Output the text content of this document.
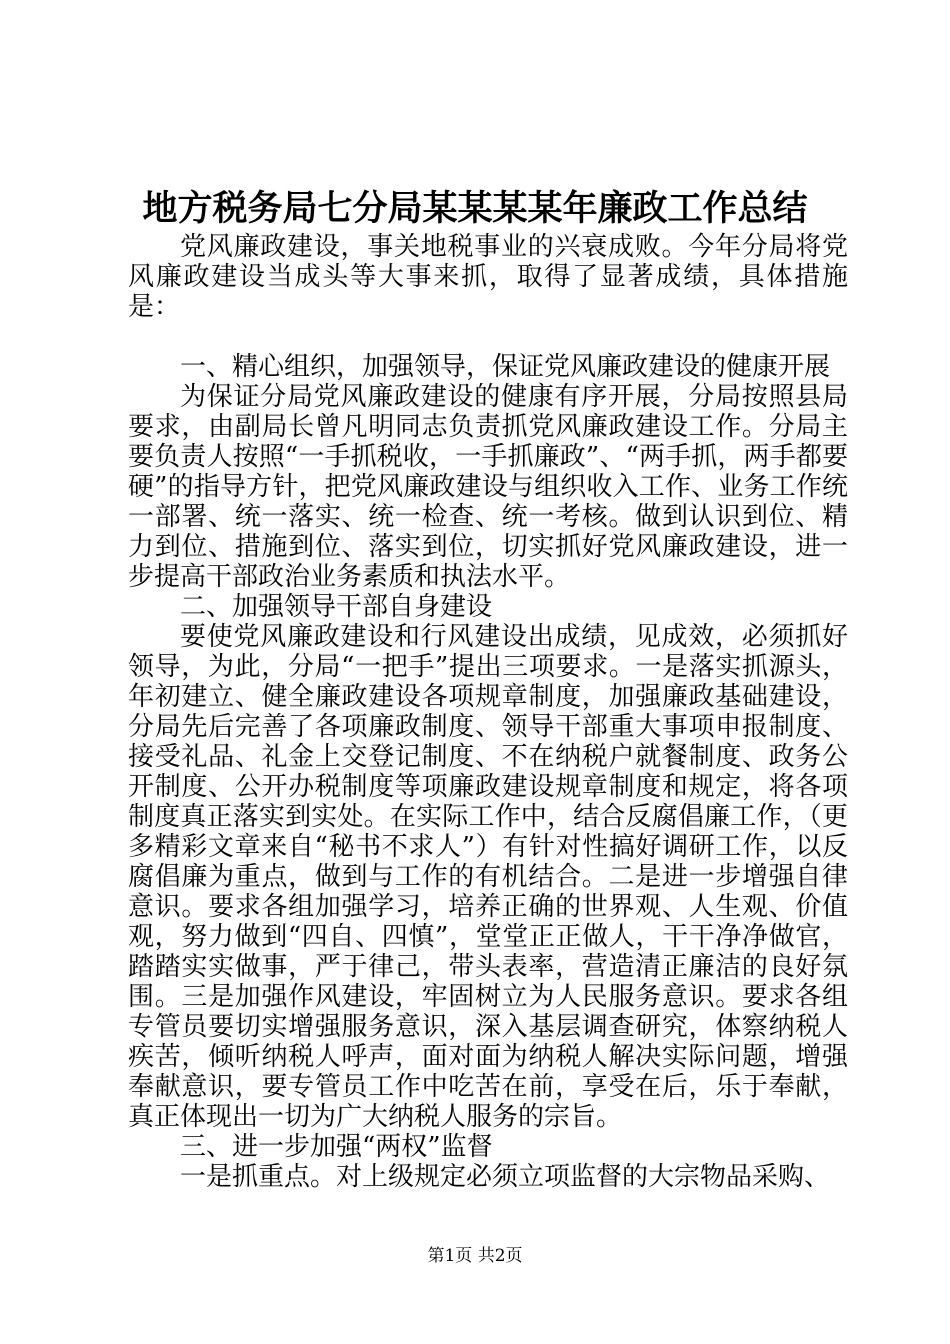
地方税务局七分局某某某某年廉政工作总结

党风廉政建设，事关地税事业的兴衰成败。今年分局将党风廉政建设当成头等大事来抓，取得了显著成绩，具体措施是：

一、精心组织，加强领导，保证党风廉政建设的健康开展

为保证分局党风廉政建设的健康有序开展，分局按照县局要求，由副局长曾凡明同志负责抓党风廉政建设工作。分局主要负责人按照“一手抓税收，一手抓廉政”、“两手抓，两手都要硬”的指导方针，把党风廉政建设与组织收入工作、业务工作统一部署、统一落实、统一检查、统一考核。做到认识到位、精力到位、措施到位、落实到位，切实抓好党风廉政建设，进一步提高干部政治业务素质和执法水平。

二、加强领导干部自身建设

要使党风廉政建设和行风建设出成绩，见成效，必须抓好领导，为此，分局“一把手”提出三项要求。一是落实抓源头，年初建立、健全廉政建设各项规章制度，加强廉政基础建设，分局先后完善了各项廉政制度、领导干部重大事项申报制度、接受礼品、礼金上交登记制度、不在纳税户就餐制度、政务公开制度、公开办税制度等项廉政建设规章制度和规定，将各项制度真正落实到实处。在实际工作中，结合反腐倡廉工作，（更多精彩文章来自“秘书不求人”）有针对性搞好调研工作，以反腐倡廉为重点，做到与工作的有机结合。二是进一步增强自律意识。要求各组加强学习，培养正确的世界观、人生观、价值观，努力做到“四自、四慎”，堂堂正正做人，干干净净做官，踏踏实实做事，严于律己，带头表率，营造清正廉洁的良好氛围。三是加强作风建设，牢固树立为人民服务意识。要求各组专管员要切实增强服务意识，深入基层调查研究，体察纳税人疾苦，倾听纳税人呼声，面对面为纳税人解决实际问题，增强奉献意识，要专管员工作中吃苦在前，享受在后，乐于奉献，真正体现出一切为广大纳税人服务的宗旨。

三、进一步加强“两权”监督

一是抓重点。对上级规定必须立项监督的大宗物品采购、

第1页 共2页
